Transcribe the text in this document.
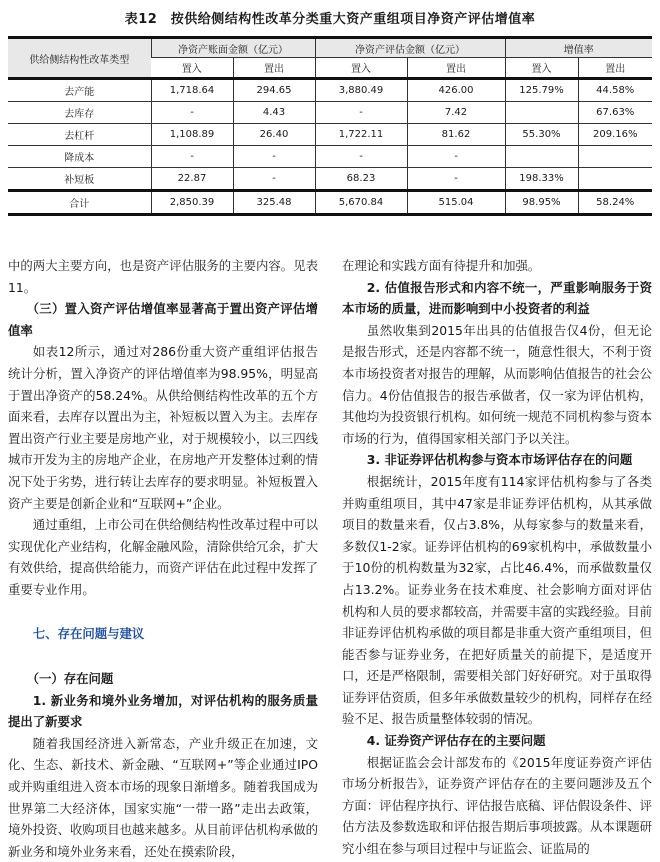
表12　按供给侧结构性改革分类重大资产重组项目净资产评估增值率
供给侧结构性改革类型	净资产账面金额（亿元）		净资产评估金额（亿元）		增值率	
	置入	置出	置入	置出	置入	置出
去产能	1,718.64	294.65	3,880.49	426.00	125.79%	44.58%
去库存	-	4.43	-	7.42		67.63%
去杠杆	1,108.89	26.40	1,722.11	81.62	55.30%	209.16%
降成本	-	-	-	-		
补短板	22.87	-	68.23	-	198.33%	
合计	2,850.39	325.48	5,670.84	515.04	98.95%	58.24%

中的两大主要方向，也是资产评估服务的主要内容。见表11。

（三）置入资产评估增值率显著高于置出资产评估增值率

如表12所示，通过对286份重大资产重组评估报告统计分析，置入净资产的评估增值率为98.95%，明显高于置出净资产的58.24%。从供给侧结构性改革的五个方面来看，去库存以置出为主，补短板以置入为主。去库存置出资产行业主要是房地产业，对于规模较小，以三四线城市开发为主的房地产企业，在房地产开发整体过剩的情况下处于劣势，进行转让去库存的要求明显。补短板置入资产主要是创新企业和“互联网+”企业。

通过重组，上市公司在供给侧结构性改革过程中可以实现优化产业结构，化解金融风险，清除供给冗余，扩大有效供给，提高供给能力，而资产评估在此过程中发挥了重要专业作用。

七、存在问题与建议

（一）存在问题

1. 新业务和境外业务增加，对评估机构的服务质量提出了新要求

随着我国经济进入新常态，产业升级正在加速，文化、生态、新技术、新金融、“互联网+”等企业通过IPO或并购重组进入资本市场的现象日渐增多。随着我国成为世界第二大经济体，国家实施“一带一路”走出去政策，境外投资、收购项目也越来越多。从目前评估机构承做的新业务和境外业务来看，还处在摸索阶段，

在理论和实践方面有待提升和加强。

2. 估值报告形式和内容不统一，严重影响服务于资本市场的质量，进而影响到中小投资者的利益

虽然收集到2015年出具的估值报告仅4份，但无论是报告形式，还是内容都不统一，随意性很大，不利于资本市场投资者对报告的理解，从而影响估值报告的社会公信力。4份估值报告的报告承做者，仅一家为评估机构，其他均为投资银行机构。如何统一规范不同机构参与资本市场的行为，值得国家相关部门予以关注。

3. 非证券评估机构参与资本市场评估存在的问题

根据统计，2015年度有114家评估机构参与了各类并购重组项目，其中47家是非证券评估机构，从其承做项目的数量来看，仅占3.8%，从每家参与的数量来看，多数仅1-2家。证券评估机构的69家机构中，承做数量小于10份的机构数量为32家，占比46.4%，而承做数量仅占13.2%。证券业务在技术难度、社会影响方面对评估机构和人员的要求都较高，并需要丰富的实践经验。目前非证券评估机构承做的项目都是非重大资产重组项目，但能否参与证券业务，在把好质量关的前提下，是适度开口，还是严格限制，需要相关部门好好研究。对于虽取得证券评估资质，但多年承做数量较少的机构，同样存在经验不足、报告质量整体较弱的情况。

4. 证券资产评估存在的主要问题

根据证监会会计部发布的《2015年度证券资产评估市场分析报告》，证券资产评估存在的主要问题涉及五个方面：评估程序执行、评估报告底稿、评估假设条件、评估方法及参数选取和评估报告期后事项披露。从本课题研究小组在参与项目过程中与证监会、证监局的
